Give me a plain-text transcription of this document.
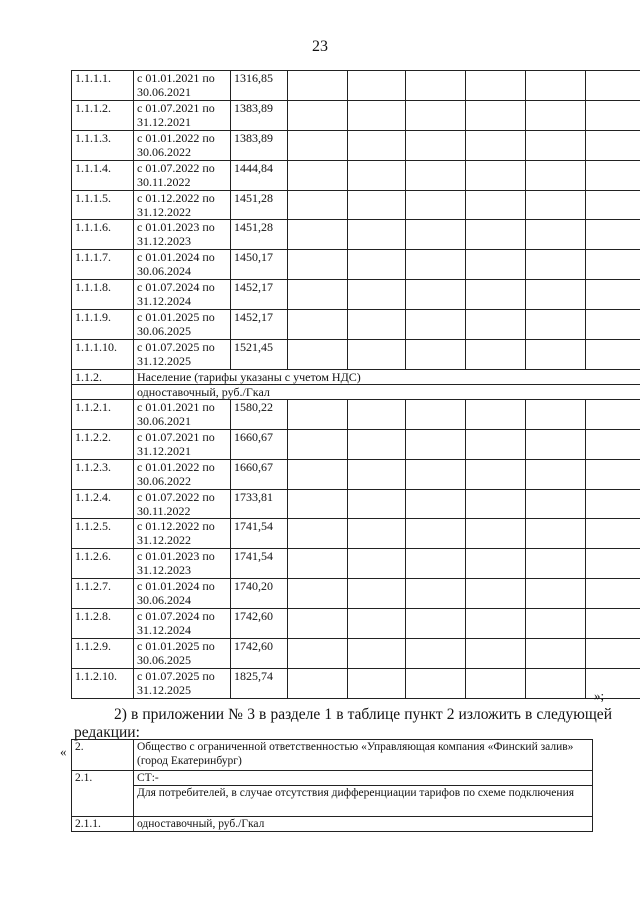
23
1.1.1.1.	с 01.01.2021 по 30.06.2021	1316,85						
1.1.1.2.	с 01.07.2021 по 31.12.2021	1383,89						
1.1.1.3.	с 01.01.2022 по 30.06.2022	1383,89						
1.1.1.4.	с 01.07.2022 по 30.11.2022	1444,84						
1.1.1.5.	с 01.12.2022 по 31.12.2022	1451,28						
1.1.1.6.	с 01.01.2023 по 31.12.2023	1451,28						
1.1.1.7.	с 01.01.2024 по 30.06.2024	1450,17						
1.1.1.8.	с 01.07.2024 по 31.12.2024	1452,17						
1.1.1.9.	с 01.01.2025 по 30.06.2025	1452,17						
1.1.1.10.	с 01.07.2025 по 31.12.2025	1521,45						
1.1.2.	Население (тарифы указаны с учетом НДС)							
	одноставочный, руб./Гкал							
1.1.2.1.	с 01.01.2021 по 30.06.2021	1580,22						
1.1.2.2.	с 01.07.2021 по 31.12.2021	1660,67						
1.1.2.3.	с 01.01.2022 по 30.06.2022	1660,67						
1.1.2.4.	с 01.07.2022 по 30.11.2022	1733,81						
1.1.2.5.	с 01.12.2022 по 31.12.2022	1741,54						
1.1.2.6.	с 01.01.2023 по 31.12.2023	1741,54						
1.1.2.7.	с 01.01.2024 по 30.06.2024	1740,20						
1.1.2.8.	с 01.07.2024 по 31.12.2024	1742,60						
1.1.2.9.	с 01.01.2025 по 30.06.2025	1742,60						
1.1.2.10.	с 01.07.2025 по 31.12.2025	1825,74						
»;
2) в приложении № 3 в разделе 1 в таблице пункт 2 изложить в следующей
редакции:
« 2.	Общество с ограниченной ответственностью «Управляющая компания «Финский залив» (город Екатеринбург)
2.1.	СТ:-
	Для потребителей, в случае отсутствия дифференциации тарифов по схеме подключения
2.1.1.	одноставочный, руб./Гкал
